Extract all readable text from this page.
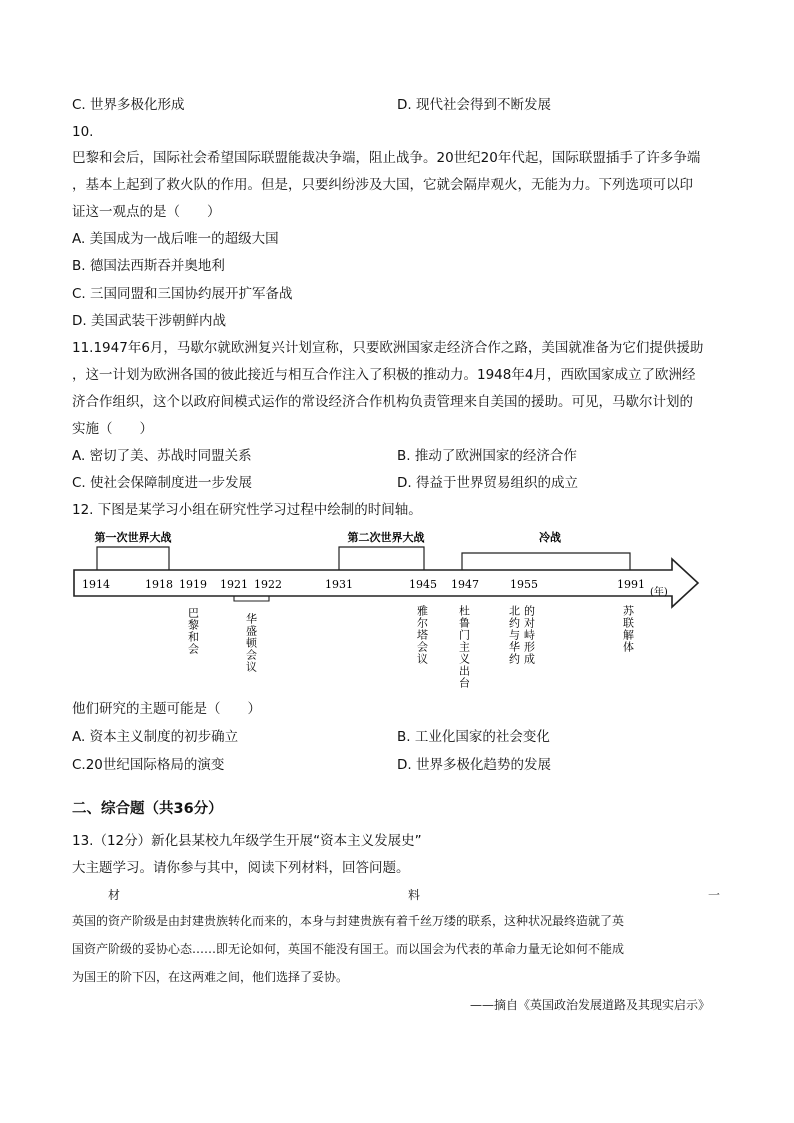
C. 世界多极化形成	D. 现代社会得到不断发展
10.
巴黎和会后，国际社会希望国际联盟能裁决争端，阻止战争。20世纪20年代起，国际联盟插手了许多争端
，基本上起到了救火队的作用。但是，只要纠纷涉及大国，它就会隔岸观火，无能为力。下列选项可以印
证这一观点的是（　　）
A. 美国成为一战后唯一的超级大国
B. 德国法西斯吞并奥地利
C. 三国同盟和三国协约展开扩军备战
D. 美国武装干涉朝鲜内战
11.1947年6月，马歇尔就欧洲复兴计划宣称，只要欧洲国家走经济合作之路，美国就准备为它们提供援助
，这一计划为欧洲各国的彼此接近与相互合作注入了积极的推动力。1948年4月，西欧国家成立了欧洲经
济合作组织，这个以政府间模式运作的常设经济合作机构负责管理来自美国的援助。可见，马歇尔计划的
实施（　　）
A. 密切了美、苏战时同盟关系	B. 推动了欧洲国家的经济合作
C. 使社会保障制度进一步发展	D. 得益于世界贸易组织的成立
12. 下图是某学习小组在研究性学习过程中绘制的时间轴。
第一次世界大战	第二次世界大战	冷战
1914	1918 1919 1921 1922	1931	1945 1947	1955	1991
巴黎和会	华盛顿会议	雅尔塔会议	杜鲁门主义出台	北约与华约 的对峙形成	苏联解体
(年)
他们研究的主题可能是（　　）
A. 资本主义制度的初步确立	B. 工业化国家的社会变化
C.20世纪国际格局的演变	D. 世界多极化趋势的发展
二、综合题（共36分）
13.（12分）新化县某校九年级学生开展“资本主义发展史”
大主题学习。请你参与其中，阅读下列材料，回答问题。
材	料	一
英国的资产阶级是由封建贵族转化而来的，本身与封建贵族有着千丝万缕的联系，这种状况最终造就了英
国资产阶级的妥协心态……即无论如何，英国不能没有国王。而以国会为代表的革命力量无论如何不能成
为国王的阶下囚，在这两难之间，他们选择了妥协。
——摘自《英国政治发展道路及其现实启示》
